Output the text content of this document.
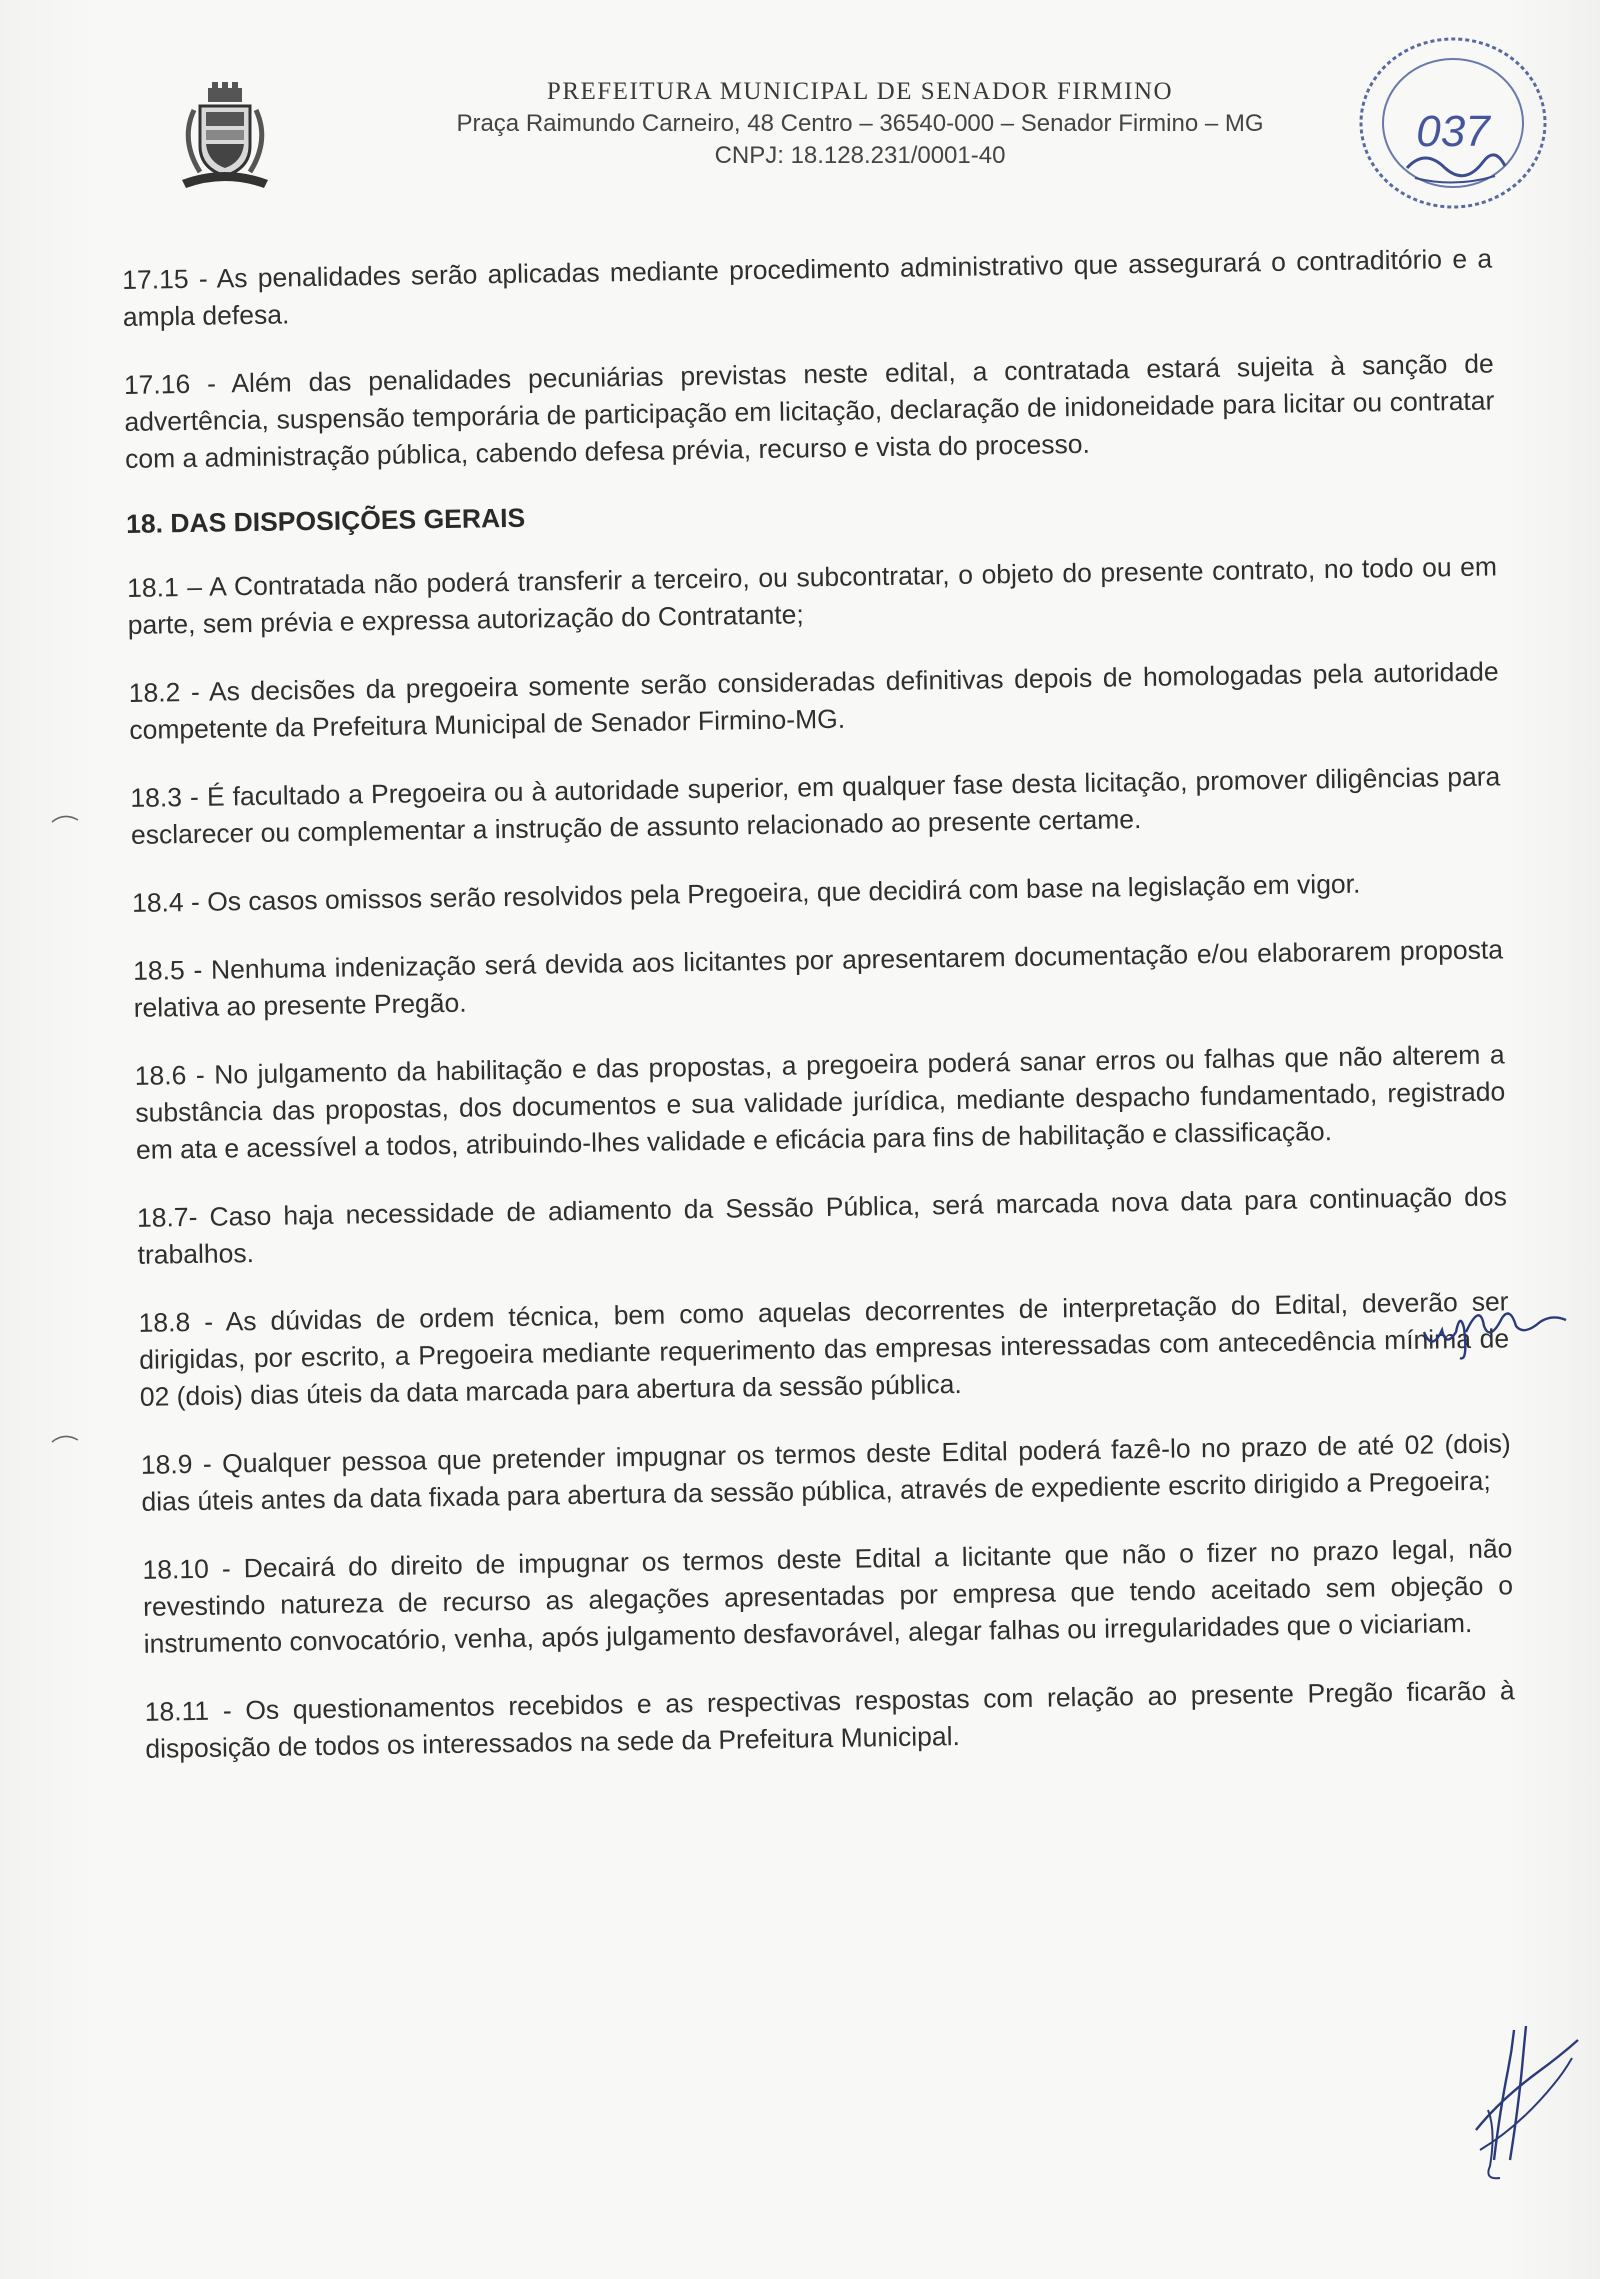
PREFEITURA MUNICIPAL DE SENADOR FIRMINO
Praça Raimundo Carneiro, 48 Centro – 36540-000 – Senador Firmino – MG
CNPJ: 18.128.231/0001-40	037

17.15 - As penalidades serão aplicadas mediante procedimento administrativo que assegurará o contraditório e a ampla defesa.

17.16 - Além das penalidades pecuniárias previstas neste edital, a contratada estará sujeita à sanção de advertência, suspensão temporária de participação em licitação, declaração de inidoneidade para licitar ou contratar com a administração pública, cabendo defesa prévia, recurso e vista do processo.

18. DAS DISPOSIÇÕES GERAIS

18.1 – A Contratada não poderá transferir a terceiro, ou subcontratar, o objeto do presente contrato, no todo ou em parte, sem prévia e expressa autorização do Contratante;

18.2 - As decisões da pregoeira somente serão consideradas definitivas depois de homologadas pela autoridade competente da Prefeitura Municipal de Senador Firmino-MG.

18.3 - É facultado a Pregoeira ou à autoridade superior, em qualquer fase desta licitação, promover diligências para esclarecer ou complementar a instrução de assunto relacionado ao presente certame.

18.4 - Os casos omissos serão resolvidos pela Pregoeira, que decidirá com base na legislação em vigor.

18.5 - Nenhuma indenização será devida aos licitantes por apresentarem documentação e/ou elaborarem proposta relativa ao presente Pregão.

18.6 - No julgamento da habilitação e das propostas, a pregoeira poderá sanar erros ou falhas que não alterem a substância das propostas, dos documentos e sua validade jurídica, mediante despacho fundamentado, registrado em ata e acessível a todos, atribuindo-lhes validade e eficácia para fins de habilitação e classificação.

18.7- Caso haja necessidade de adiamento da Sessão Pública, será marcada nova data para continuação dos trabalhos.

18.8 - As dúvidas de ordem técnica, bem como aquelas decorrentes de interpretação do Edital, deverão ser dirigidas, por escrito, a Pregoeira mediante requerimento das empresas interessadas com antecedência mínima de 02 (dois) dias úteis da data marcada para abertura da sessão pública.

18.9 - Qualquer pessoa que pretender impugnar os termos deste Edital poderá fazê-lo no prazo de até 02 (dois) dias úteis antes da data fixada para abertura da sessão pública, através de expediente escrito dirigido a Pregoeira;

18.10 - Decairá do direito de impugnar os termos deste Edital a licitante que não o fizer no prazo legal, não revestindo natureza de recurso as alegações apresentadas por empresa que tendo aceitado sem objeção o instrumento convocatório, venha, após julgamento desfavorável, alegar falhas ou irregularidades que o viciariam.

18.11 - Os questionamentos recebidos e as respectivas respostas com relação ao presente Pregão ficarão à disposição de todos os interessados na sede da Prefeitura Municipal.
